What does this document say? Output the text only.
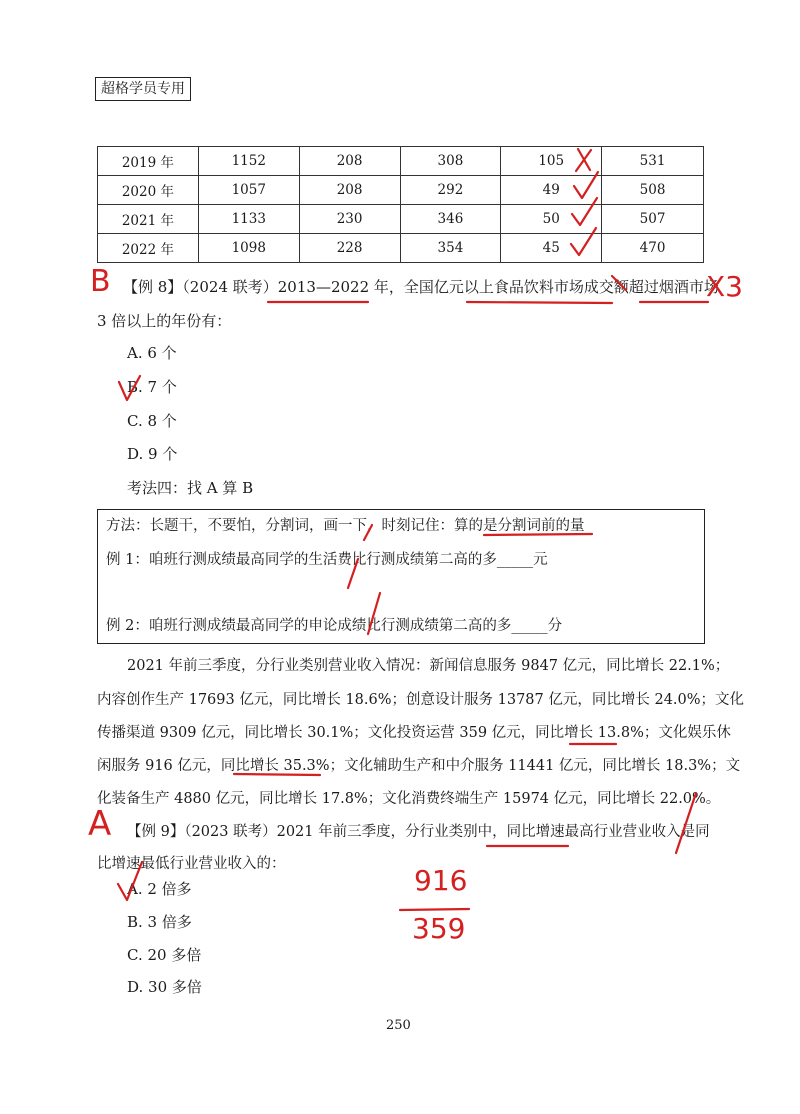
超格学员专用
2019 年	1152	208	308	105	531
2020 年	1057	208	292	49	508
2021 年	1133	230	346	50	507
2022 年	1098	228	354	45	470
【例 8】（2024 联考）2013—2022 年，全国亿元以上食品饮料市场成交额超过烟酒市场
3 倍以上的年份有：
A. 6 个
B. 7 个
C. 8 个
D. 9 个
考法四：找 A 算 B
方法：长题干，不要怕，分割词，画一下，时刻记住：算的是分割词前的量
例 1：咱班行测成绩最高同学的生活费比行测成绩第二高的多_____元
例 2：咱班行测成绩最高同学的申论成绩比行测成绩第二高的多_____分
2021 年前三季度，分行业类别营业收入情况：新闻信息服务 9847 亿元，同比增长 22.1%；
内容创作生产 17693 亿元，同比增长 18.6%；创意设计服务 13787 亿元，同比增长 24.0%；文化
传播渠道 9309 亿元，同比增长 30.1%；文化投资运营 359 亿元，同比增长 13.8%；文化娱乐休
闲服务 916 亿元，同比增长 35.3%；文化辅助生产和中介服务 11441 亿元，同比增长 18.3%；文
化装备生产 4880 亿元，同比增长 17.8%；文化消费终端生产 15974 亿元，同比增长 22.0%。
【例 9】（2023 联考）2021 年前三季度，分行业类别中，同比增速最高行业营业收入是同
比增速最低行业营业收入的：
A. 2 倍多
B. 3 倍多
C. 20 多倍
D. 30 多倍
250
B	X3
A
916
359
